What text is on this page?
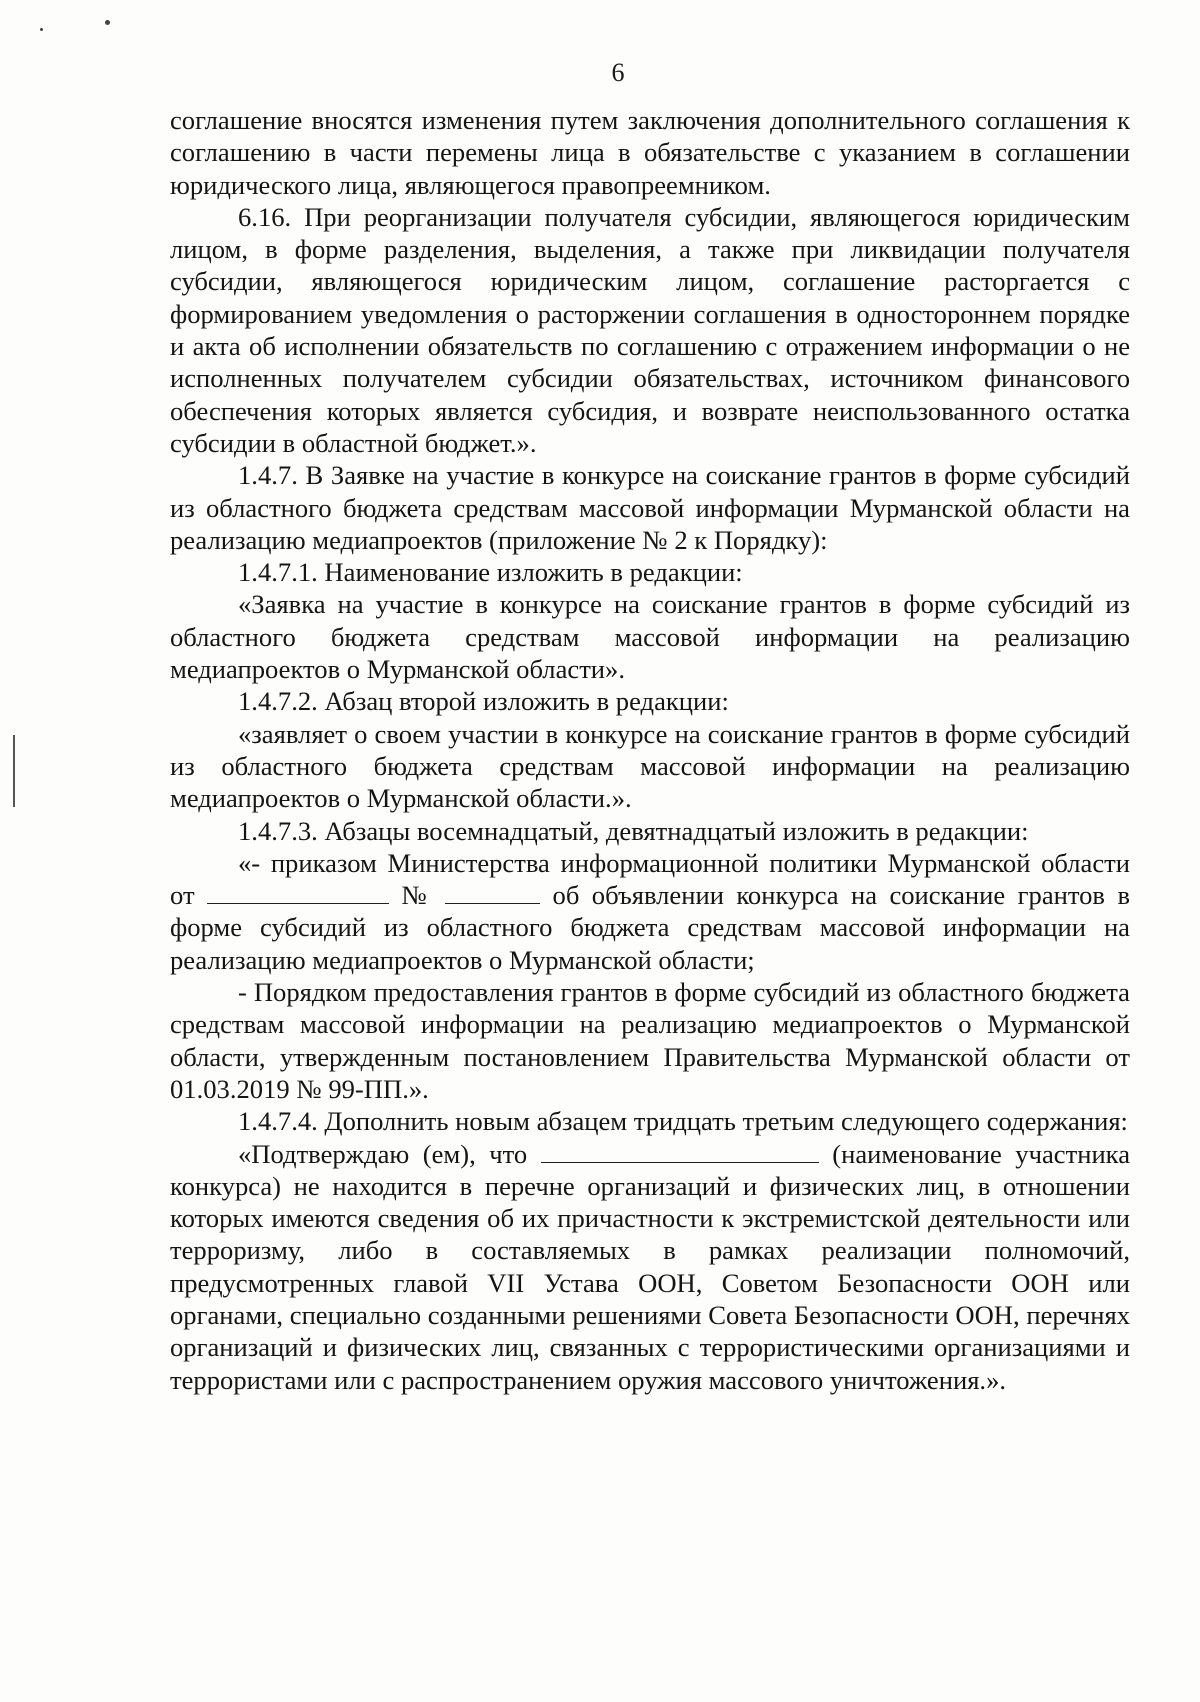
6

соглашение вносятся изменения путем заключения дополнительного соглашения к соглашению в части перемены лица в обязательстве с указанием в соглашении юридического лица, являющегося правопреемником.

6.16. При реорганизации получателя субсидии, являющегося юридическим лицом, в форме разделения, выделения, а также при ликвидации получателя субсидии, являющегося юридическим лицом, соглашение расторгается с формированием уведомления о расторжении соглашения в одностороннем порядке и акта об исполнении обязательств по соглашению с отражением информации о не исполненных получателем субсидии обязательствах, источником финансового обеспечения которых является субсидия, и возврате неиспользованного остатка субсидии в областной бюджет.».

1.4.7. В Заявке на участие в конкурсе на соискание грантов в форме субсидий из областного бюджета средствам массовой информации Мурманской области на реализацию медиапроектов (приложение № 2 к Порядку):

1.4.7.1. Наименование изложить в редакции:

«Заявка на участие в конкурсе на соискание грантов в форме субсидий из областного бюджета средствам массовой информации на реализацию медиапроектов о Мурманской области».

1.4.7.2. Абзац второй изложить в редакции:

«заявляет о своем участии в конкурсе на соискание грантов в форме субсидий из областного бюджета средствам массовой информации на реализацию медиапроектов о Мурманской области.».

1.4.7.3. Абзацы восемнадцатый, девятнадцатый изложить в редакции:

«- приказом Министерства информационной политики Мурманской области от	№	об объявлении конкурса на соискание грантов в форме субсидий из областного бюджета средствам массовой информации на реализацию медиапроектов о Мурманской области;

- Порядком предоставления грантов в форме субсидий из областного бюджета средствам массовой информации на реализацию медиапроектов о Мурманской области, утвержденным постановлением Правительства Мурманской области от 01.03.2019 № 99-ПП.».

1.4.7.4. Дополнить новым абзацем тридцать третьим следующего содержания:

«Подтверждаю (ем), что	(наименование участника конкурса) не находится в перечне организаций и физических лиц, в отношении которых имеются сведения об их причастности к экстремистской деятельности или терроризму, либо в составляемых в рамках реализации полномочий, предусмотренных главой VII Устава ООН, Советом Безопасности ООН или органами, специально созданными решениями Совета Безопасности ООН, перечнях организаций и физических лиц, связанных с террористическими организациями и террористами или с распространением оружия массового уничтожения.».
